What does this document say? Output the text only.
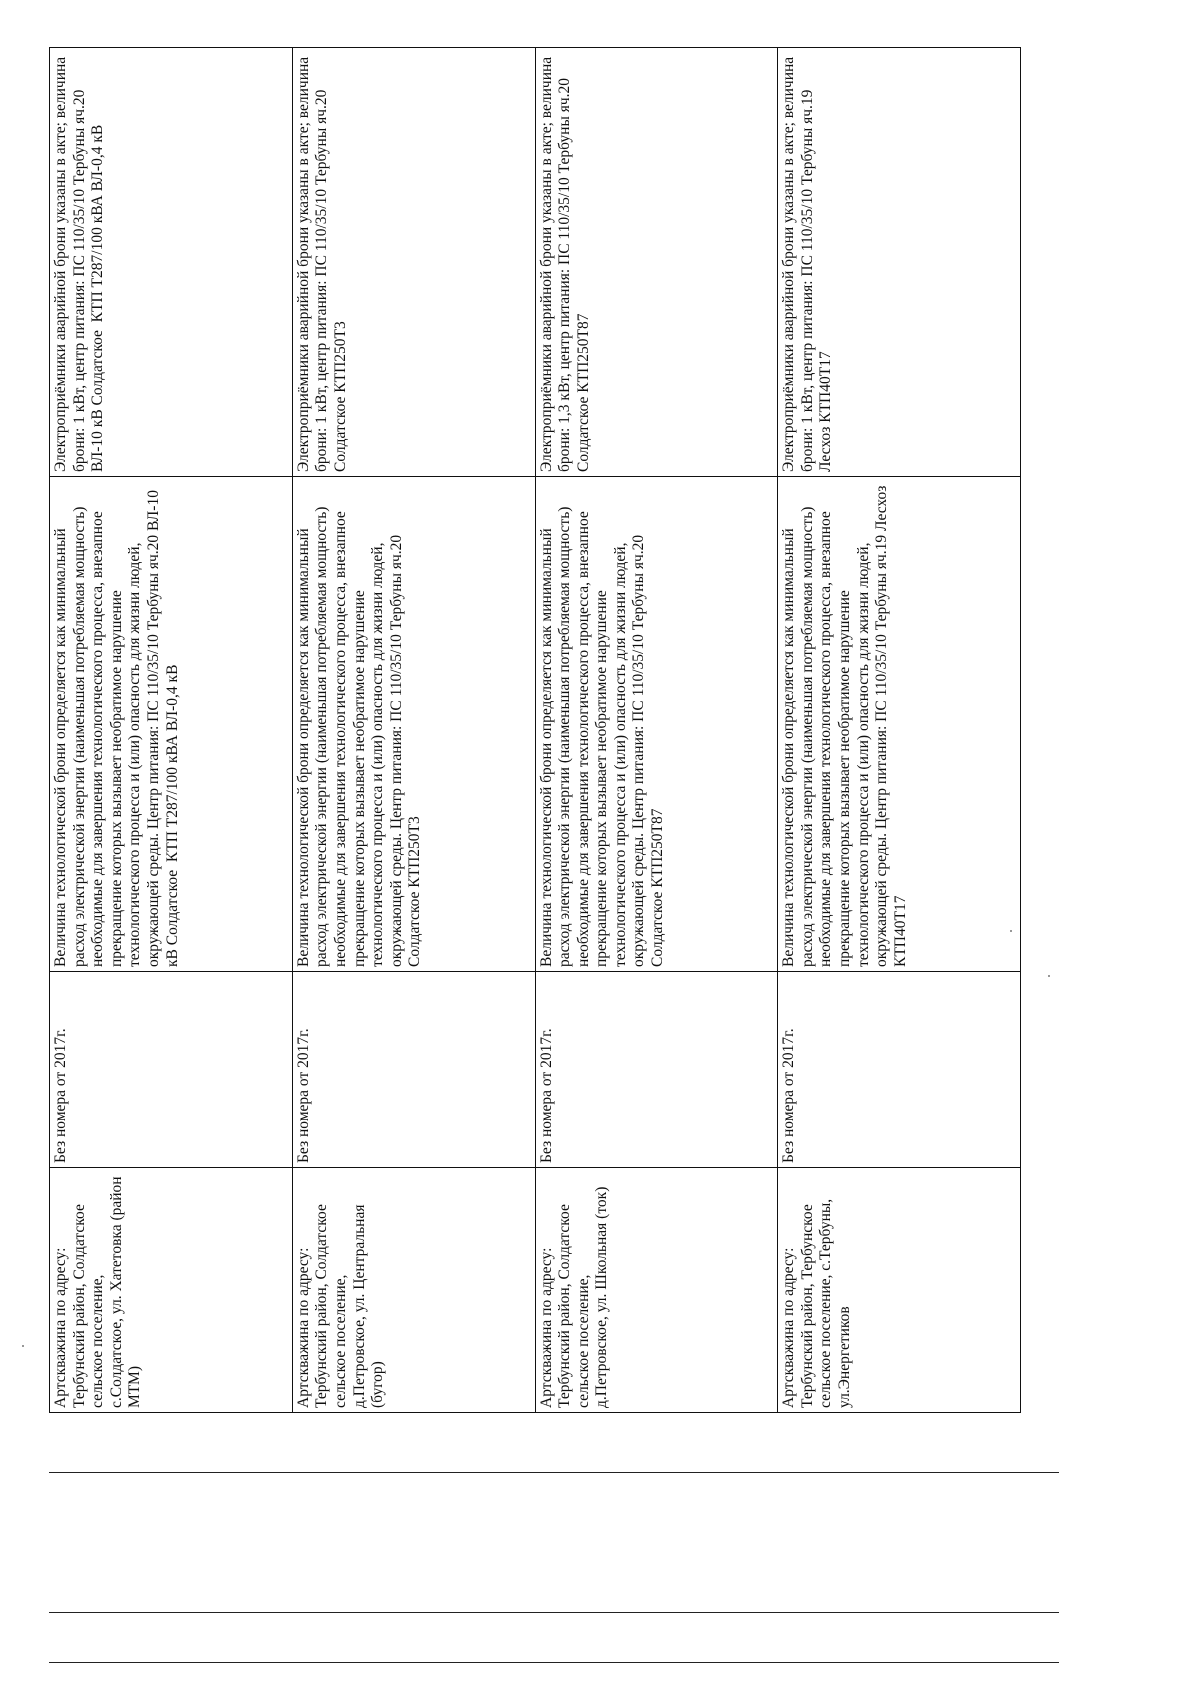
Артскважина по адресу: Тербунский район, Солдатское сельское поселение,
с.Солдатское, ул. Хатетовка (район МТМ)	Без номера от 2017г.	Величина технологической брони определяется как минимальный расход электрической энергии (наименьшая потребляемая мощность) необходимые для завершения технологического процесса, внезапное прекращение которых вызывает необратимое нарушение технологического процесса и (или) опасность для жизни людей, окружающей среды. Центр питания: ПС 110/35/10 Тербуны яч.20 ВЛ-10 кВ Солдатское  КТП Т287/100 кВА ВЛ-0,4 кВ	Электроприёмники аварийной брони указаны в акте; величина брони: 1 кВт, центр питания: ПС 110/35/10 Тербуны яч.20 ВЛ-10 кВ Солдатское  КТП Т287/100 кВА ВЛ-0,4 кВ

Артскважина по адресу: Тербунский район, Солдатское сельское поселение,
д.Петровское, ул. Центральная (бугор)	Без номера от 2017г.	Величина технологической брони определяется как минимальный расход электрической энергии (наименьшая потребляемая мощность) необходимые для завершения технологического процесса, внезапное прекращение которых вызывает необратимое нарушение технологического процесса и (или) опасность для жизни людей, окружающей среды. Центр питания: ПС 110/35/10 Тербуны яч.20 Солдатское КТП250Т3	Электроприёмники аварийной брони указаны в акте; величина брони: 1 кВт, центр питания: ПС 110/35/10 Тербуны яч.20 Солдатское КТП250Т3

Артскважина по адресу: Тербунский район, Солдатское сельское поселение,
д.Петровское, ул. Школьная (ток)	Без номера от 2017г.	Величина технологической брони определяется как минимальный расход электрической энергии (наименьшая потребляемая мощность) необходимые для завершения технологического процесса, внезапное прекращение которых вызывает необратимое нарушение технологического процесса и (или) опасность для жизни людей, окружающей среды. Центр питания: ПС 110/35/10 Тербуны яч.20 Солдатское КТП250Т87	Электроприёмники аварийной брони указаны в акте; величина брони: 1,3 кВт, центр питания: ПС 110/35/10 Тербуны яч.20 Солдатское КТП250Т87

Артскважина по адресу: Тербунский район, Тербунское сельское поселение, с.Тербуны, ул.Энергетиков	Без номера от 2017г.	Величина технологической брони определяется как минимальный расход электрической энергии (наименьшая потребляемая мощность) необходимые для завершения технологического процесса, внезапное прекращение которых вызывает необратимое нарушение технологического процесса и (или) опасность для жизни людей, окружающей среды. Центр питания: ПС 110/35/10 Тербуны яч.19 Лесхоз КТП40Т17	Электроприёмники аварийной брони указаны в акте; величина брони: 1 кВт, центр питания: ПС 110/35/10 Тербуны яч.19 Лесхоз КТП40Т17
